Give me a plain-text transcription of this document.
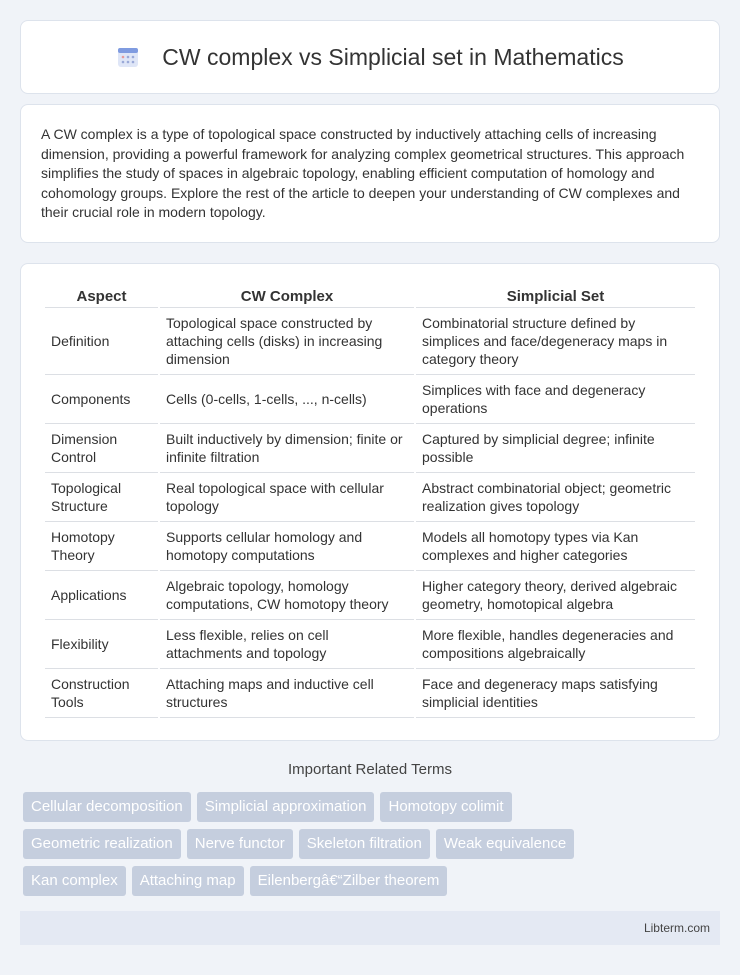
CW complex vs Simplicial set in Mathematics

A CW complex is a type of topological space constructed by inductively attaching cells of increasing dimension, providing a powerful framework for analyzing complex geometrical structures. This approach simplifies the study of spaces in algebraic topology, enabling efficient computation of homology and cohomology groups. Explore the rest of the article to deepen your understanding of CW complexes and their crucial role in modern topology.

Aspect	CW Complex	Simplicial Set
Definition	Topological space constructed by attaching cells (disks) in increasing dimension	Combinatorial structure defined by simplices and face/degeneracy maps in category theory
Components	Cells (0-cells, 1-cells, ..., n-cells)	Simplices with face and degeneracy operations
Dimension Control	Built inductively by dimension; finite or infinite filtration	Captured by simplicial degree; infinite possible
Topological Structure	Real topological space with cellular topology	Abstract combinatorial object; geometric realization gives topology
Homotopy Theory	Supports cellular homology and homotopy computations	Models all homotopy types via Kan complexes and higher categories
Applications	Algebraic topology, homology computations, CW homotopy theory	Higher category theory, derived algebraic geometry, homotopical algebra
Flexibility	Less flexible, relies on cell attachments and topology	More flexible, handles degeneracies and compositions algebraically
Construction Tools	Attaching maps and inductive cell structures	Face and degeneracy maps satisfying simplicial identities
Important Related Terms
Cellular decomposition	Simplicial approximation	Homotopy colimit
Geometric realization	Nerve functor	Skeleton filtration	Weak equivalence
Kan complex	Attaching map	Eilenbergâ€“Zilber theorem
Libterm.com
